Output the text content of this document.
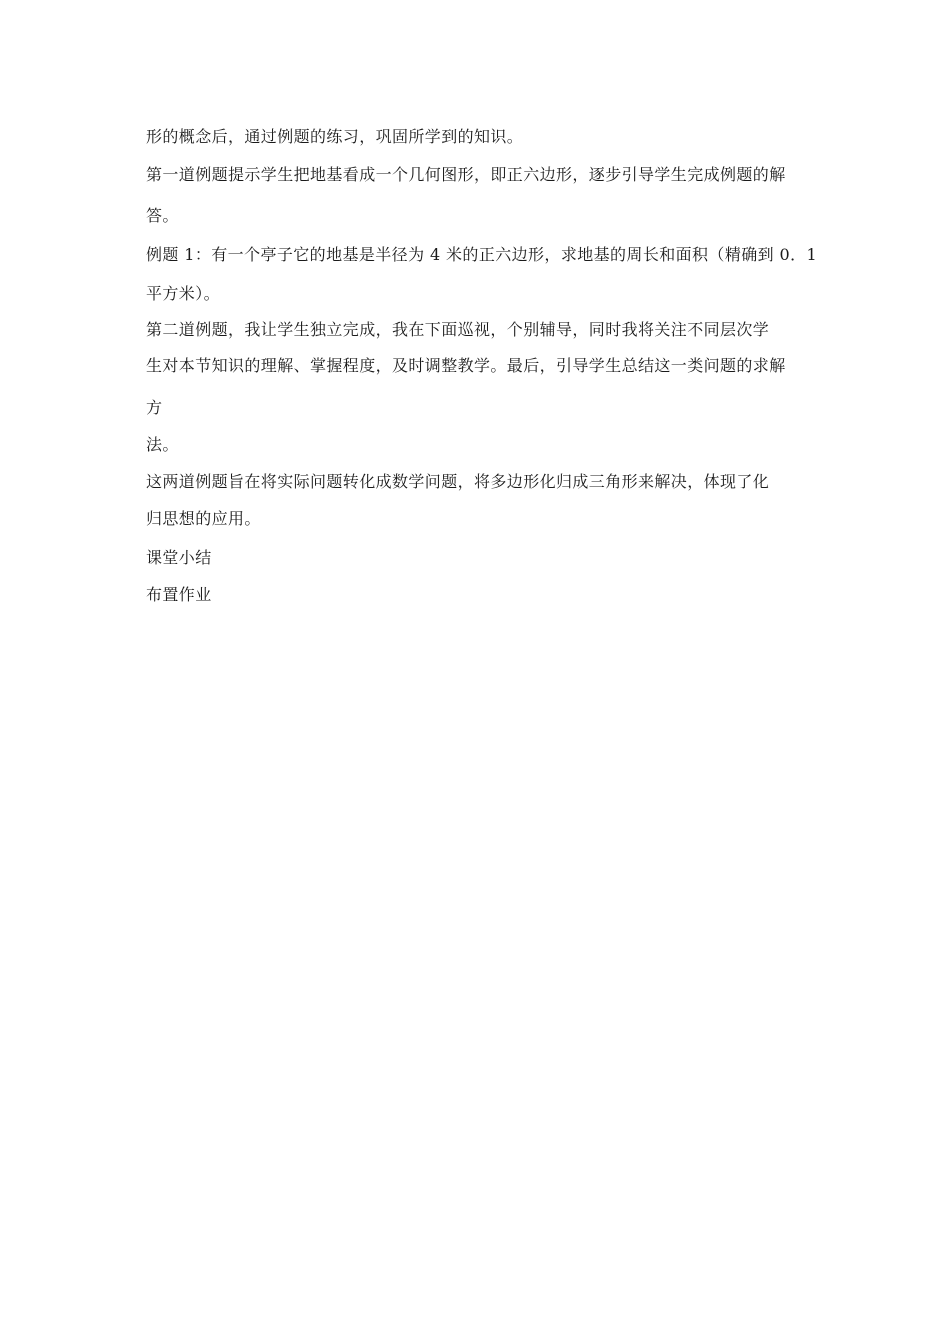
形的概念后，通过例题的练习，巩固所学到的知识。

第一道例题提示学生把地基看成一个几何图形，即正六边形，逐步引导学生完成例题的解

答。

例题 1：有一个亭子它的地基是半径为 4 米的正六边形，求地基的周长和面积（精确到 0．1

平方米）。

第二道例题，我让学生独立完成，我在下面巡视，个别辅导，同时我将关注不同层次学

生对本节知识的理解、掌握程度，及时调整教学。最后，引导学生总结这一类问题的求解

方

法。

这两道例题旨在将实际问题转化成数学问题，将多边形化归成三角形来解决，体现了化

归思想的应用。

课堂小结

布置作业
